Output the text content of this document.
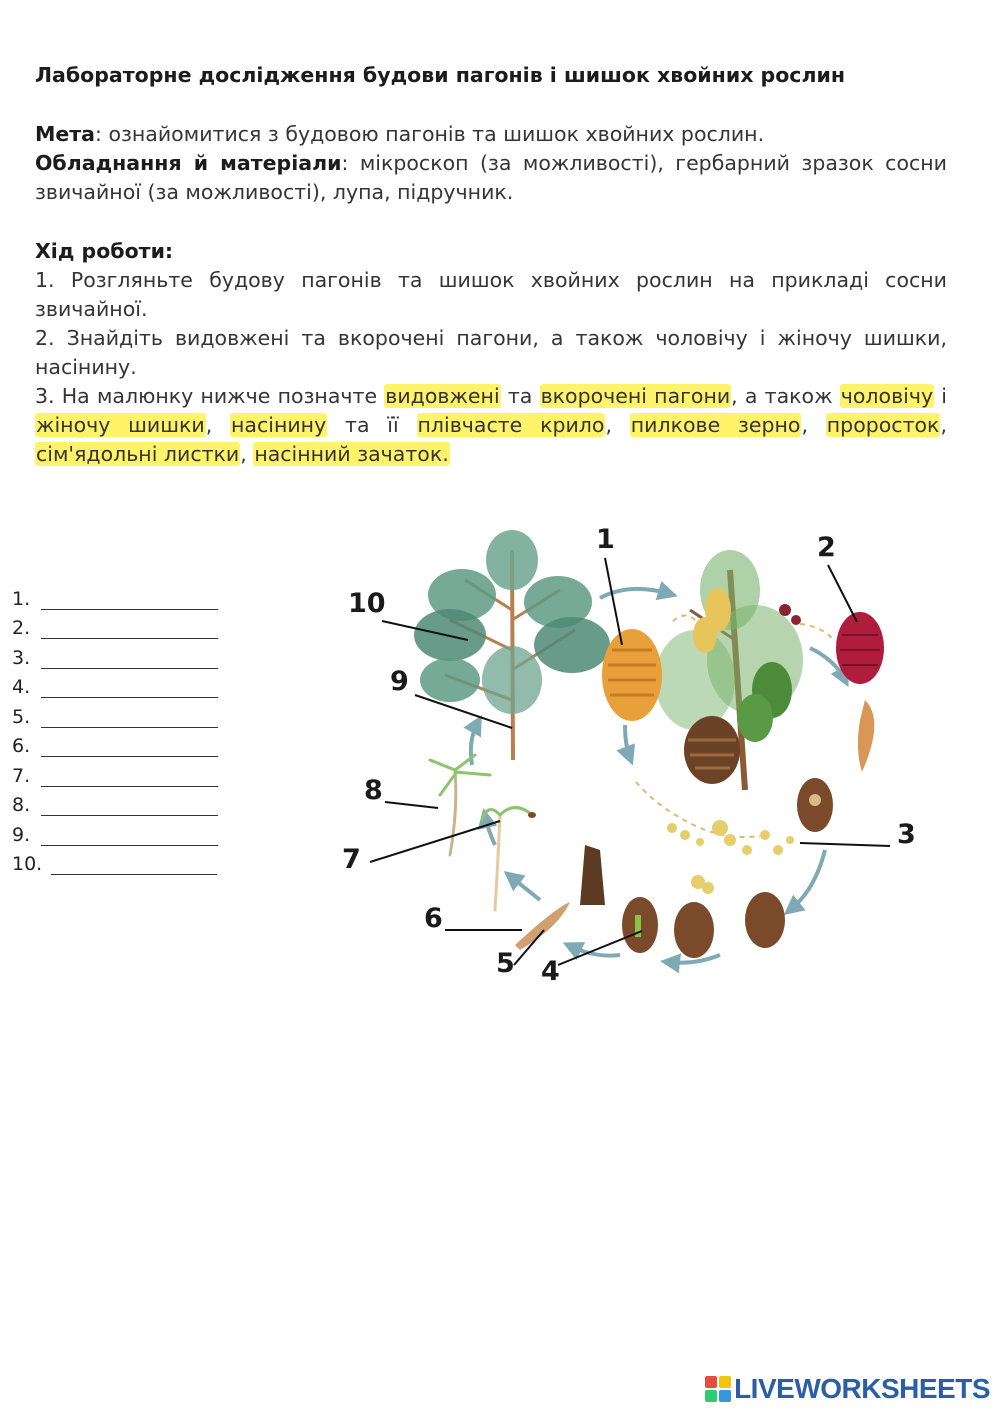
Лабораторне дослідження будови пагонів і шишок хвойних рослин
Мета: ознайомитися з будовою пагонів та шишок хвойних рослин.
Обладнання й матеріали: мікроскоп (за можливості), гербарний зразок сосни звичайної (за можливості), лупа, підручник.
Хід роботи:
1. Розгляньте будову пагонів та шишок хвойних рослин на прикладі сосни звичайної.
2. Знайдіть видовжені та вкорочені пагони, а також чоловічу і жіночу шишки, насінину.
3. На малюнку нижче позначте видовжені та вкорочені пагони, а також чоловічу і жіночу шишки, насінину та її плівчасте крило, пилкове зерно, проросток, сім'ядольні листки, насінний зачаток.
1.
2.
3.
4.
5.
6.
7.
8.
9.
10.
1	2
3
4
5
6
7
8
9
10
LIVEWORKSHEETS
